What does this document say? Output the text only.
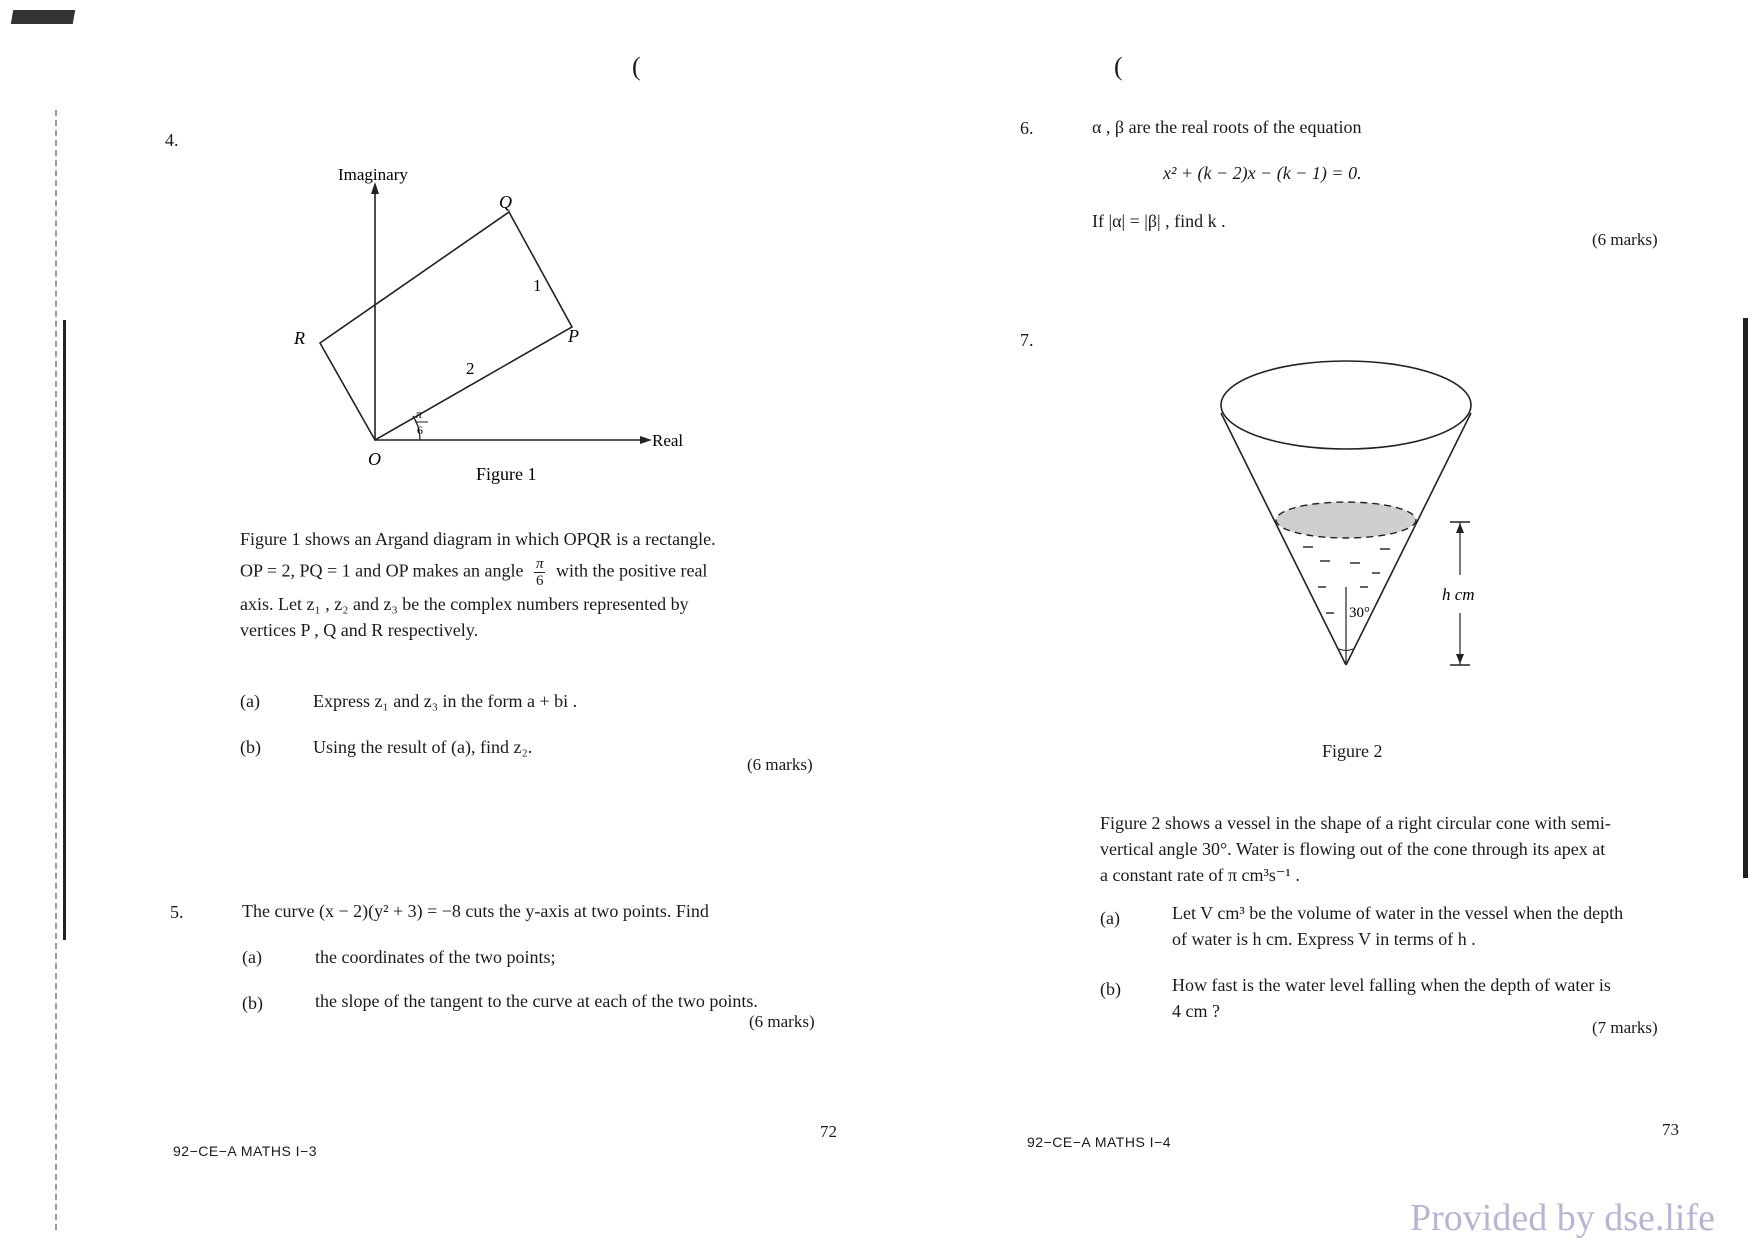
(
4.
π
6
Imaginary
Real
O
P
Q
R
2
1
Figure 1
Figure 1 shows an Argand diagram in which OPQR is a rectangle.
OP = 2, PQ = 1 and OP makes an angle $\frac{\pi}{6}$ with the positive real
axis. Let z₁ , z₂ and z₃ be the complex numbers represented by
vertices P , Q and R respectively.
(a)	Express z₁ and z₃ in the form a + bi .
(b)	Using the result of (a), find z₂.
(6 marks)
5.	The curve (x − 2)(y² + 3) = −8 cuts the y-axis at two points. Find
(a)	the coordinates of the two points;
(b)	the slope of the tangent to the curve at each of the two points.
(6 marks)
72
92−CE−A MATHS I−3
(
6.	α , β are the real roots of the equation
x² + (k − 2)x − (k − 1) = 0.
If |α| = |β| , find k .
(6 marks)
7.
30°
h cm
Figure 2
Figure 2 shows a vessel in the shape of a right circular cone with semi-
vertical angle 30°. Water is flowing out of the cone through its apex at
a constant rate of π cm³s⁻¹ .
(a)	Let V cm³ be the volume of water in the vessel when the depth
of water is h cm. Express V in terms of h .
(b)	How fast is the water level falling when the depth of water is
4 cm ?
(7 marks)
73
92−CE−A MATHS I−4
Provided by dse.life
